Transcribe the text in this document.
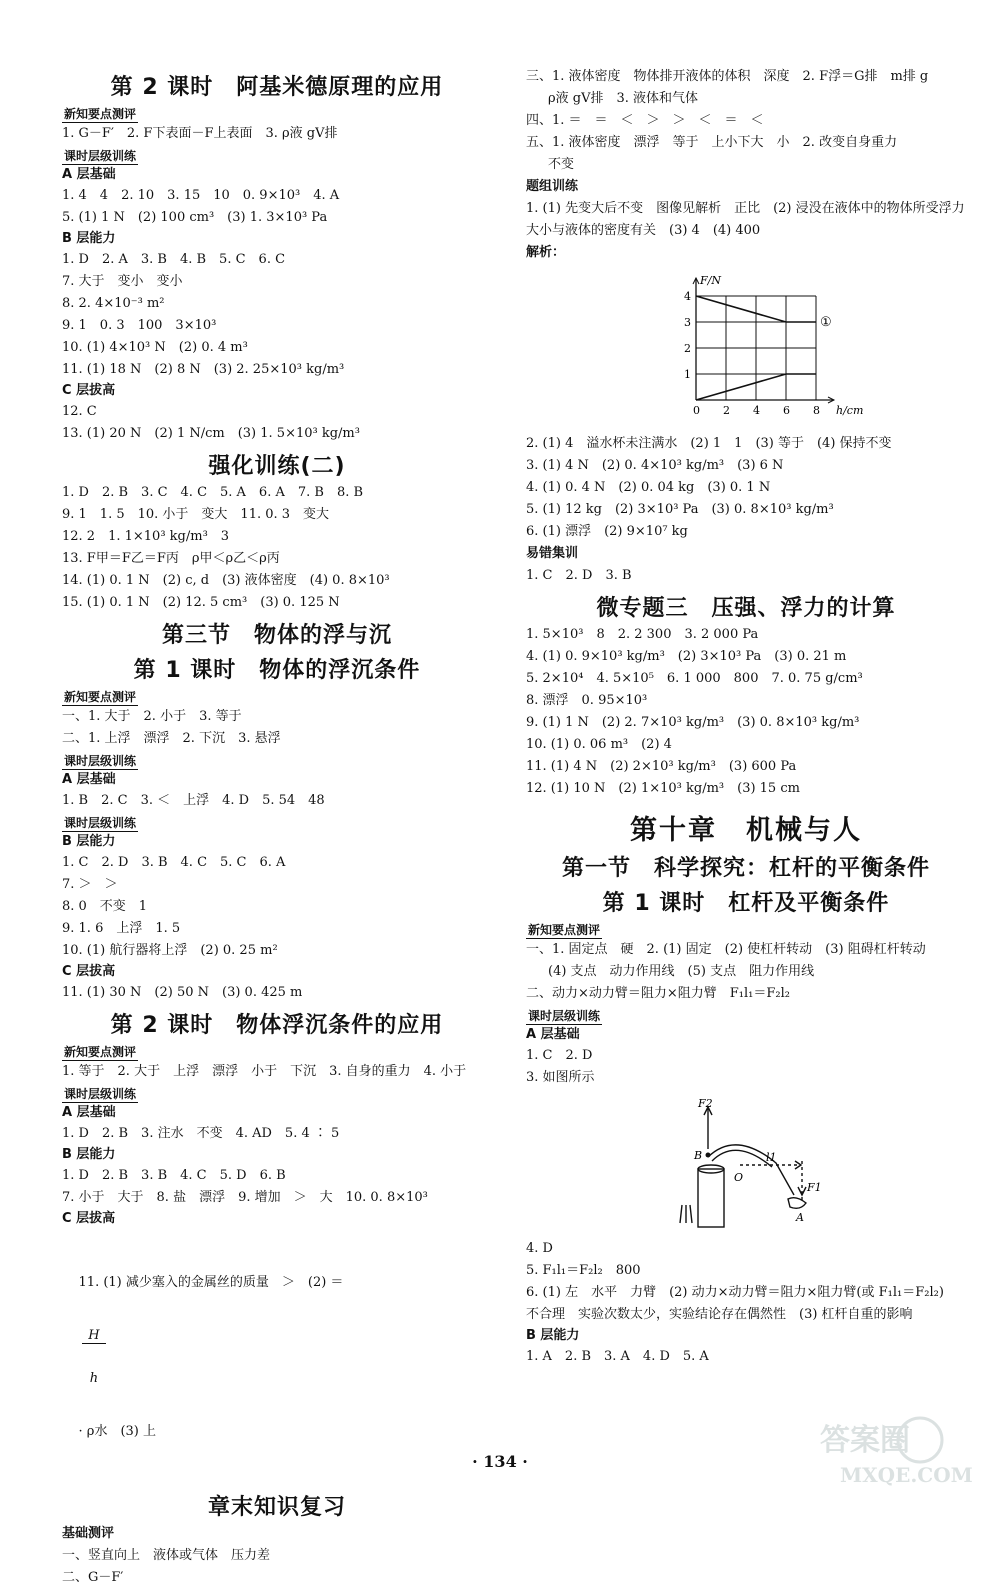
第 2 课时　阿基米德原理的应用
新知要点测评
1. G－F′　2. F下表面－F上表面　3. ρ液 gV排
课时层级训练
A 层基础
1. 4　4　2. 10　3. 15　10　0. 9×10³　4. A
5. (1) 1 N　(2) 100 cm³　(3) 1. 3×10³ Pa
B 层能力
1. D　2. A　3. B　4. B　5. C　6. C
7. 大于　变小　变小
8. 2. 4×10⁻³ m²
9. 1　0. 3　100　3×10³
10. (1) 4×10³ N　(2) 0. 4 m³
11. (1) 18 N　(2) 8 N　(3) 2. 25×10³ kg/m³
C 层拔高
12. C
13. (1) 20 N　(2) 1 N/cm　(3) 1. 5×10³ kg/m³
强化训练(二)
1. D　2. B　3. C　4. C　5. A　6. A　7. B　8. B
9. 1　1. 5　10. 小于　变大　11. 0. 3　变大
12. 2　1. 1×10³ kg/m³　3
13. F甲＝F乙＝F丙　ρ甲＜ρ乙＜ρ丙
14. (1) 0. 1 N　(2) c, d　(3) 液体密度　(4) 0. 8×10³
15. (1) 0. 1 N　(2) 12. 5 cm³　(3) 0. 125 N
第三节　物体的浮与沉
第 1 课时　物体的浮沉条件
新知要点测评
一、1. 大于　2. 小于　3. 等于
二、1. 上浮　漂浮　2. 下沉　3. 悬浮
课时层级训练
A 层基础
1. B　2. C　3. ＜　上浮　4. D　5. 54　48
课时层级训练
B 层能力
1. C　2. D　3. B　4. C　5. C　6. A
7. ＞　＞
8. 0　不变　1
9. 1. 6　上浮　1. 5
10. (1) 航行器将上浮　(2) 0. 25 m²
C 层拔高
11. (1) 30 N　(2) 50 N　(3) 0. 425 m
第 2 课时　物体浮沉条件的应用
新知要点测评
1. 等于　2. 大于　上浮　漂浮　小于　下沉　3. 自身的重力　4. 小于
课时层级训练
A 层基础
1. D　2. B　3. 注水　不变　4. AD　5. 4 ∶ 5
B 层能力
1. D　2. B　3. B　4. C　5. D　6. B
7. 小于　大于　8. 盐　漂浮　9. 增加　＞　大　10. 0. 8×10³
C 层拔高

11. (1) 减少塞入的金属丝的质量　＞　(2) ＝

$\frac{H}{h}$

· ρ水　(3) 上

章末知识复习
基础测评
一、竖直向上　液体或气体　压力差
二、G－F′
三、1. 液体密度　物体排开液体的体积　深度　2. F浮＝G排　m排 g
ρ液 gV排　3. 液体和气体
四、1. ＝　＝　＜　＞　＞　＜　＝　＜
五、1. 液体密度　漂浮　等于　上小下大　小　2. 改变自身重力
不变
题组训练
1. (1) 先变大后不变　图像见解析　正比　(2) 浸没在液体中的物体所受浮力大小与液体的密度有关　(3) 4　(4) 400
解析：
①
h/cm
F/N
0 2 4 6 8
1
2
3
4
2. (1) 4　溢水杯未注满水　(2) 1　1　(3) 等于　(4) 保持不变
3. (1) 4 N　(2) 0. 4×10³ kg/m³　(3) 6 N
4. (1) 0. 4 N　(2) 0. 04 kg　(3) 0. 1 N
5. (1) 12 kg　(2) 3×10³ Pa　(3) 0. 8×10³ kg/m³
6. (1) 漂浮　(2) 9×10⁷ kg
易错集训
1. C　2. D　3. B
微专题三　压强、浮力的计算
1. 5×10³　8　2. 2 300　3. 2 000 Pa
4. (1) 0. 9×10³ kg/m³　(2) 3×10³ Pa　(3) 0. 21 m
5. 2×10⁴　4. 5×10⁵　6. 1 000　800　7. 0. 75 g/cm³
8. 漂浮　0. 95×10³
9. (1) 1 N　(2) 2. 7×10³ kg/m³　(3) 0. 8×10³ kg/m³
10. (1) 0. 06 m³　(2) 4
11. (1) 4 N　(2) 2×10³ kg/m³　(3) 600 Pa
12. (1) 10 N　(2) 1×10³ kg/m³　(3) 15 cm
第十章　机械与人
第一节　科学探究：杠杆的平衡条件
第 1 课时　杠杆及平衡条件
新知要点测评
一、1. 固定点　硬　2. (1) 固定　(2) 使杠杆转动　(3) 阻碍杠杆转动
(4) 支点　动力作用线　(5) 支点　阻力作用线
二、动力×动力臂＝阻力×阻力臂　F₁l₁＝F₂l₂
课时层级训练
A 层基础
1. C　2. D
3. 如图所示
F2
B
O
l1
F1
A
4. D
5. F₁l₁＝F₂l₂　800
6. (1) 左　水平　力臂　(2) 动力×动力臂＝阻力×阻力臂(或 F₁l₁＝F₂l₂)　不合理　实验次数太少，实验结论存在偶然性　(3) 杠杆自重的影响
B 层能力
1. A　2. B　3. A　4. D　5. A
· 134 ·
答案圈
MXQE.COM
